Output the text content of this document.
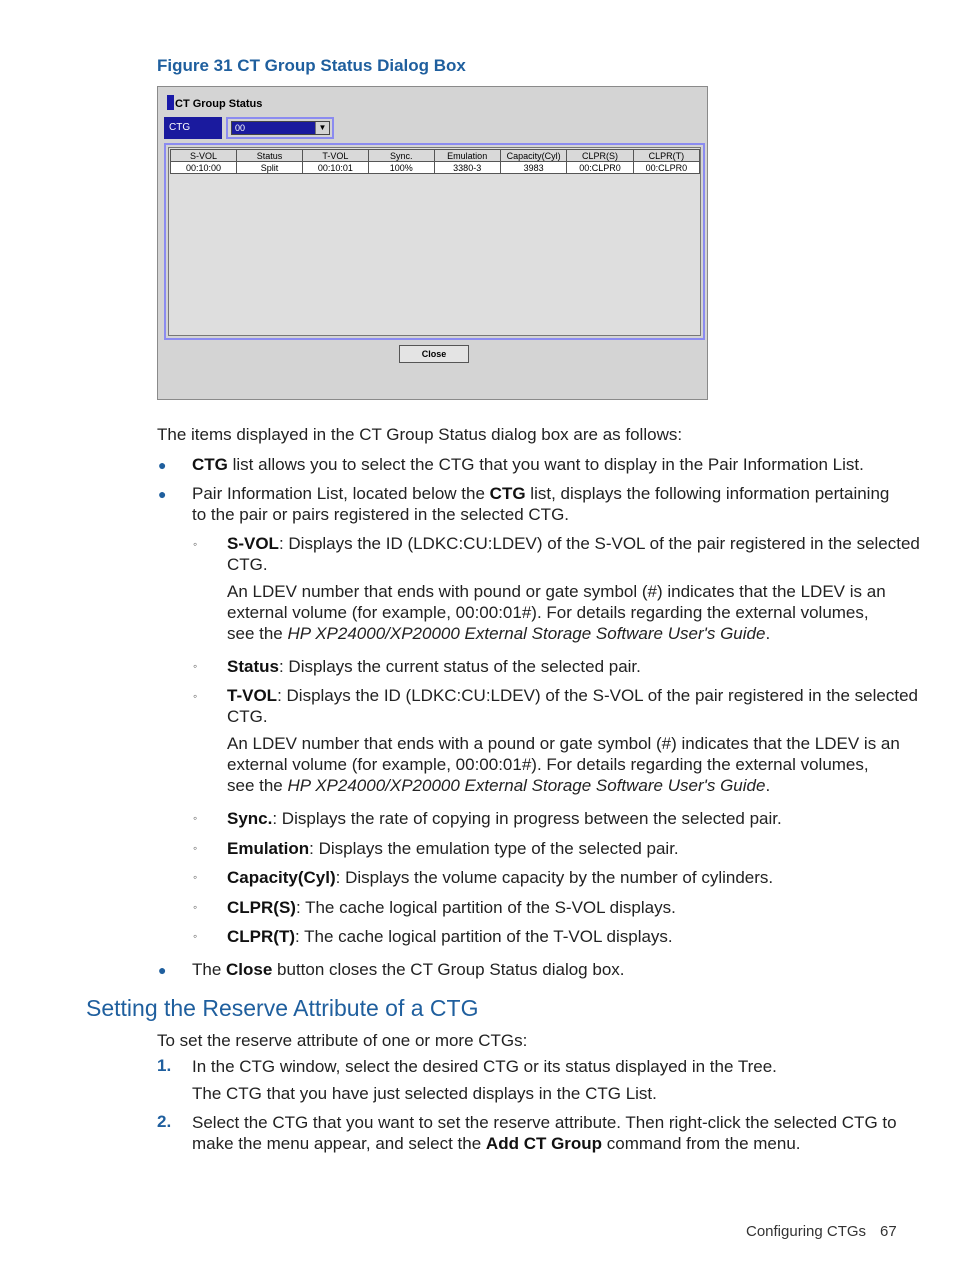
Figure 31 CT Group Status Dialog Box
CT Group Status
CTG	00	▼
S-VOL	Status	T-VOL	Sync.	Emulation	Capacity(Cyl)	CLPR(S)	CLPR(T)
00:10:00	Split	00:10:01	100%	3380-3	3983	00:CLPR0	00:CLPR0
Close
The items displayed in the CT Group Status dialog box are as follows:
● CTG list allows you to select the CTG that you want to display in the Pair Information List.
● Pair Information List, located below the CTG list, displays the following information pertaining
to the pair or pairs registered in the selected CTG.
◦ S-VOL: Displays the ID (LDKC:CU:LDEV) of the S-VOL of the pair registered in the selected
CTG.
An LDEV number that ends with pound or gate symbol (#) indicates that the LDEV is an
external volume (for example, 00:00:01#). For details regarding the external volumes,
see the HP XP24000/XP20000 External Storage Software User's Guide.
◦ Status: Displays the current status of the selected pair.
◦ T-VOL: Displays the ID (LDKC:CU:LDEV) of the S-VOL of the pair registered in the selected
CTG.
An LDEV number that ends with a pound or gate symbol (#) indicates that the LDEV is an
external volume (for example, 00:00:01#). For details regarding the external volumes,
see the HP XP24000/XP20000 External Storage Software User's Guide.
◦ Sync.: Displays the rate of copying in progress between the selected pair.
◦ Emulation: Displays the emulation type of the selected pair.
◦ Capacity(Cyl): Displays the volume capacity by the number of cylinders.
◦ CLPR(S): The cache logical partition of the S-VOL displays.
◦ CLPR(T): The cache logical partition of the T-VOL displays.
● The Close button closes the CT Group Status dialog box.
Setting the Reserve Attribute of a CTG
To set the reserve attribute of one or more CTGs:
1. In the CTG window, select the desired CTG or its status displayed in the Tree.
The CTG that you have just selected displays in the CTG List.
2. Select the CTG that you want to set the reserve attribute. Then right-click the selected CTG to
make the menu appear, and select the Add CT Group command from the menu.
Configuring CTGs 67
